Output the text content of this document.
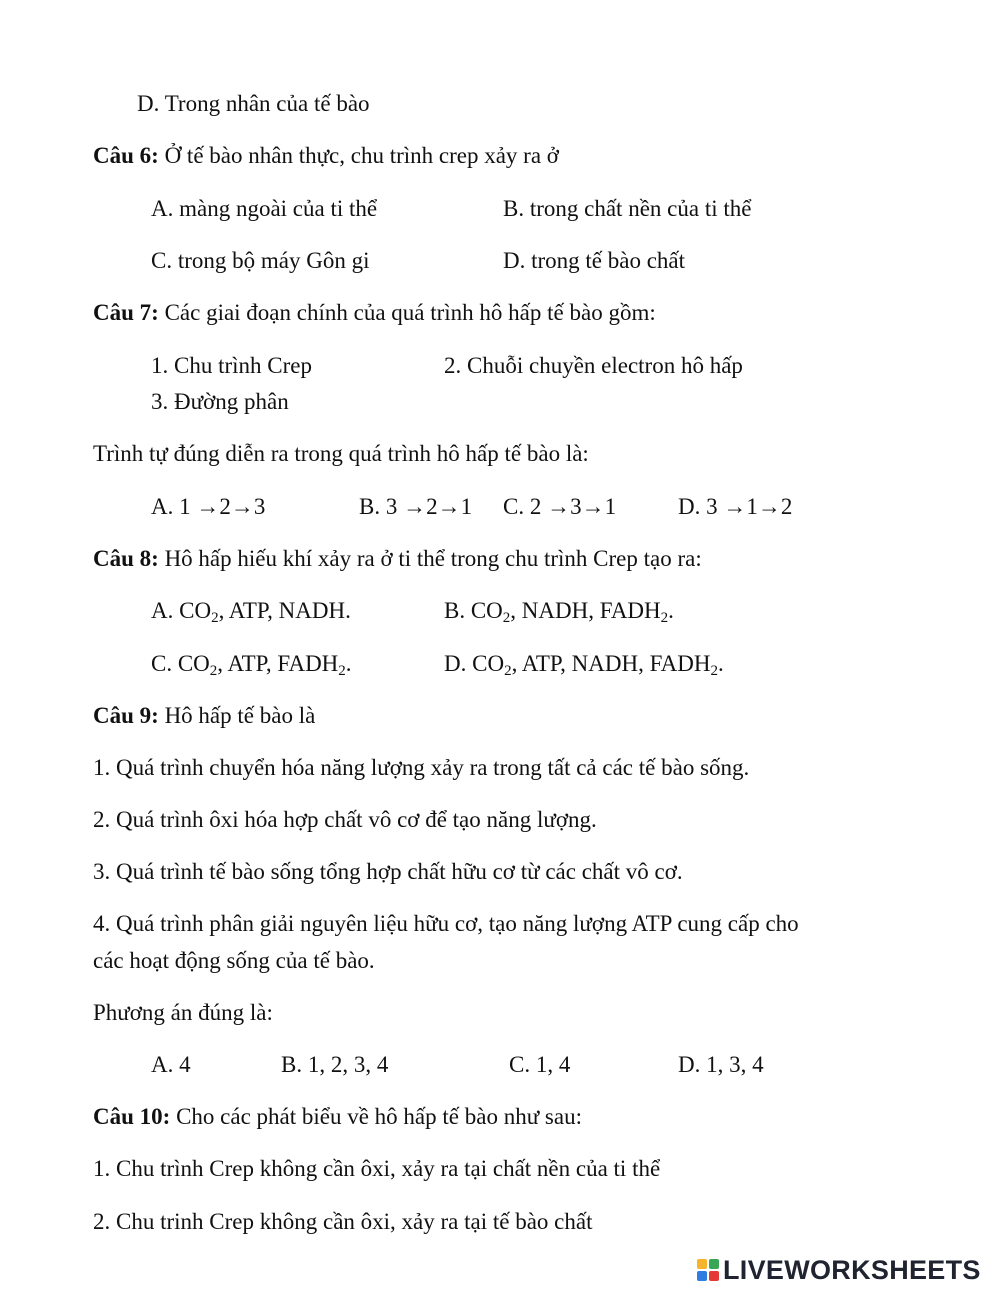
D. Trong nhân của tế bào
Câu 6: Ở tế bào nhân thực, chu trình crep xảy ra ở
A. màng ngoài của ti thể	B. trong chất nền của ti thể
C. trong bộ máy Gôn gi	D. trong tế bào chất
Câu 7: Các giai đoạn chính của quá trình hô hấp tế bào gồm:
1. Chu trình Crep	2. Chuỗi chuyền electron hô hấp
3. Đường phân
Trình tự đúng diễn ra trong quá trình hô hấp tế bào là:
A. 1 →2→3	B. 3 →2→1 C. 2 →3→1	D. 3 →1→2
Câu 8: Hô hấp hiếu khí xảy ra ở ti thể trong chu trình Crep tạo ra:
A. $CO_2$, ATP, NADH.	B. $CO_2$, NADH, $FADH_2$.
C. $CO_2$, ATP, $FADH_2$.	D. $CO_2$, ATP, NADH, $FADH_2$.
Câu 9: Hô hấp tế bào là
1. Quá trình chuyển hóa năng lượng xảy ra trong tất cả các tế bào sống.
2. Quá trình ôxi hóa hợp chất vô cơ để tạo năng lượng.
3. Quá trình tế bào sống tổng hợp chất hữu cơ từ các chất vô cơ.
4. Quá trình phân giải nguyên liệu hữu cơ, tạo năng lượng ATP cung cấp cho
các hoạt động sống của tế bào.
Phương án đúng là:
A. 4	B. 1, 2, 3, 4	C. 1, 4	D. 1, 3, 4
Câu 10: Cho các phát biểu về hô hấp tế bào như sau:
1. Chu trình Crep không cần ôxi, xảy ra tại chất nền của ti thể
2. Chu trinh Crep không cần ôxi, xảy ra tại tế bào chất
LIVEWORKSHEETS
